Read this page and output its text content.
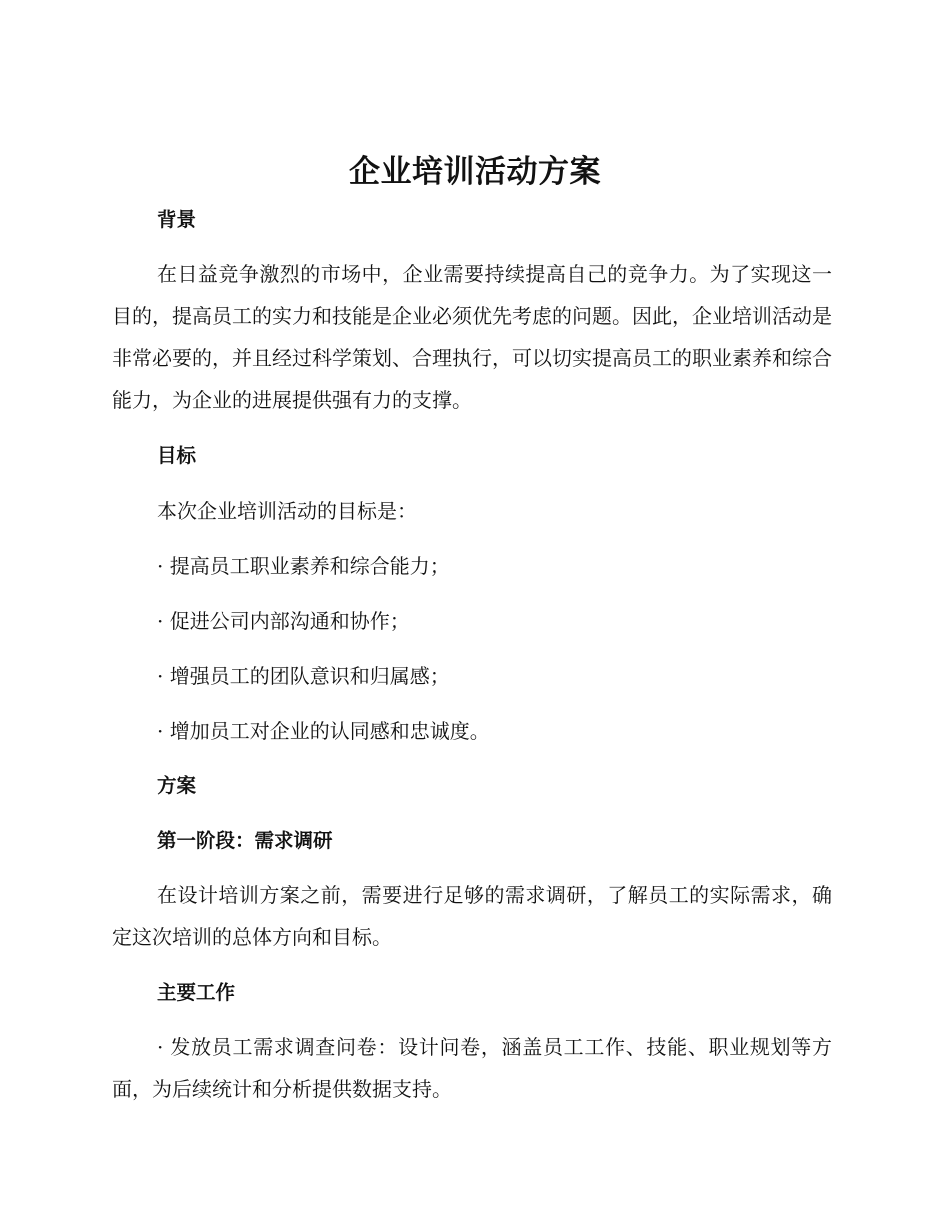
企业培训活动方案
背景
在日益竞争激烈的市场中，企业需要持续提高自己的竞争力。为了实现这一目的，提高员工的实力和技能是企业必须优先考虑的问题。因此，企业培训活动是非常必要的，并且经过科学策划、合理执行，可以切实提高员工的职业素养和综合能力，为企业的进展提供强有力的支撑。
目标
本次企业培训活动的目标是：
· 提高员工职业素养和综合能力；
· 促进公司内部沟通和协作；
· 增强员工的团队意识和归属感；
· 增加员工对企业的认同感和忠诚度。
方案
第一阶段：需求调研
在设计培训方案之前，需要进行足够的需求调研，了解员工的实际需求，确定这次培训的总体方向和目标。
主要工作
· 发放员工需求调查问卷：设计问卷，涵盖员工工作、技能、职业规划等方面，为后续统计和分析提供数据支持。
